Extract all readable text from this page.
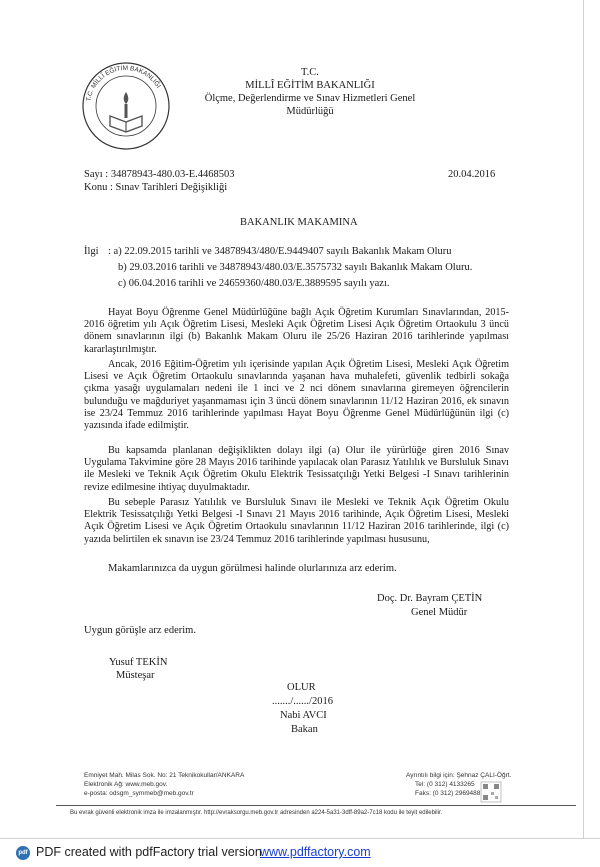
T.C. MİLLÎ EĞİTİM BAKANLIĞI
T.C.
MİLLÎ EĞİTİM BAKANLIĞI
Ölçme, Değerlendirme ve Sınav Hizmetleri Genel
Müdürlüğü
Sayı : 34878943-480.03-E.4468503	20.04.2016
Konu : Sınav Tarihleri Değişikliği
BAKANLIK MAKAMINA
İlgi : a) 22.09.2015 tarihli ve 34878943/480/E.9449407 sayılı Bakanlık Makam Oluru
b) 29.03.2016 tarihli ve 34878943/480.03/E.3575732 sayılı Bakanlık Makam Oluru.
c) 06.04.2016 tarihli ve 24659360/480.03/E.3889595 sayılı yazı.

Hayat Boyu Öğrenme Genel Müdürlüğüne bağlı Açık Öğretim Kurumları Sınavlarından, 2015-2016 öğretim yılı Açık Öğretim Lisesi, Mesleki Açık Öğretim Lisesi Açık Öğretim Ortaokulu 3 üncü dönem sınavlarının ilgi (b) Bakanlık Makam Oluru ile 25/26 Haziran 2016 tarihlerinde yapılması kararlaştırılmıştır.

Ancak, 2016 Eğitim-Öğretim yılı içerisinde yapılan Açık Öğretim Lisesi, Mesleki Açık Öğretim Lisesi ve Açık Öğretim Ortaokulu sınavlarında yaşanan hava muhalefeti, güvenlik tedbirli sokağa çıkma yasağı uygulamaları nedeni ile 1 inci ve 2 nci dönem sınavlarına giremeyen öğrencilerin bulunduğu ve mağduriyet yaşanmaması için 3 üncü dönem sınavlarının 11/12 Haziran 2016, ek sınavın ise 23/24 Temmuz 2016 tarihlerinde yapılması Hayat Boyu Öğrenme Genel Müdürlüğünün ilgi (c) yazısında ifade edilmiştir.

Bu kapsamda planlanan değişiklikten dolayı ilgi (a) Olur ile yürürlüğe giren 2016 Sınav Uygulama Takvimine göre 28 Mayıs 2016 tarihinde yapılacak olan Parasız Yatılılık ve Bursluluk Sınavı ile Mesleki ve Teknik Açık Öğretim Okulu Elektrik Tesissatçılığı Yetki Belgesi -I Sınavı tarihlerinin revize edilmesine ihtiyaç duyulmaktadır.

Bu sebeple Parasız Yatılılık ve Bursluluk Sınavı ile Mesleki ve Teknik Açık Öğretim Okulu Elektrik Tesissatçılığı Yetki Belgesi -I Sınavı 21 Mayıs 2016 tarihinde, Açık Öğretim Lisesi, Mesleki Açık Öğretim Lisesi ve Açık Öğretim Ortaokulu sınavlarının 11/12 Haziran 2016 tarihlerinde, ilgi (c) yazıda belirtilen ek sınavın ise 23/24 Temmuz 2016 tarihlerinde yapılması hususunu,

Makamlarınızca da uygun görülmesi halinde olurlarınıza arz ederim.
Doç. Dr. Bayram ÇETİN
Genel Müdür
Uygun görüşle arz ederim.
Yusuf TEKİN
Müsteşar
OLUR
......./....../2016
Nabi AVCI
Bakan
Emniyet Mah. Milas Sok. No: 21 Teknikokullar/ANKARA
Elektronik Ağ: www.meb.gov.
e-posta: odsgm_symmeb@meb.gov.tr
Ayrıntılı bilgi için: Şehnaz ÇALI-Öğrt.
Tel: (0 312) 4133265
Faks: (0 312) 2969488
Bu evrak güvenli elektronik imza ile imzalanmıştır. http://evraksorgu.meb.gov.tr adresinden a224-5a31-3dff-89a2-7c18 kodu ile teyit edilebilir.
pdf PDF created with pdfFactory trial version
www.pdffactory.com
